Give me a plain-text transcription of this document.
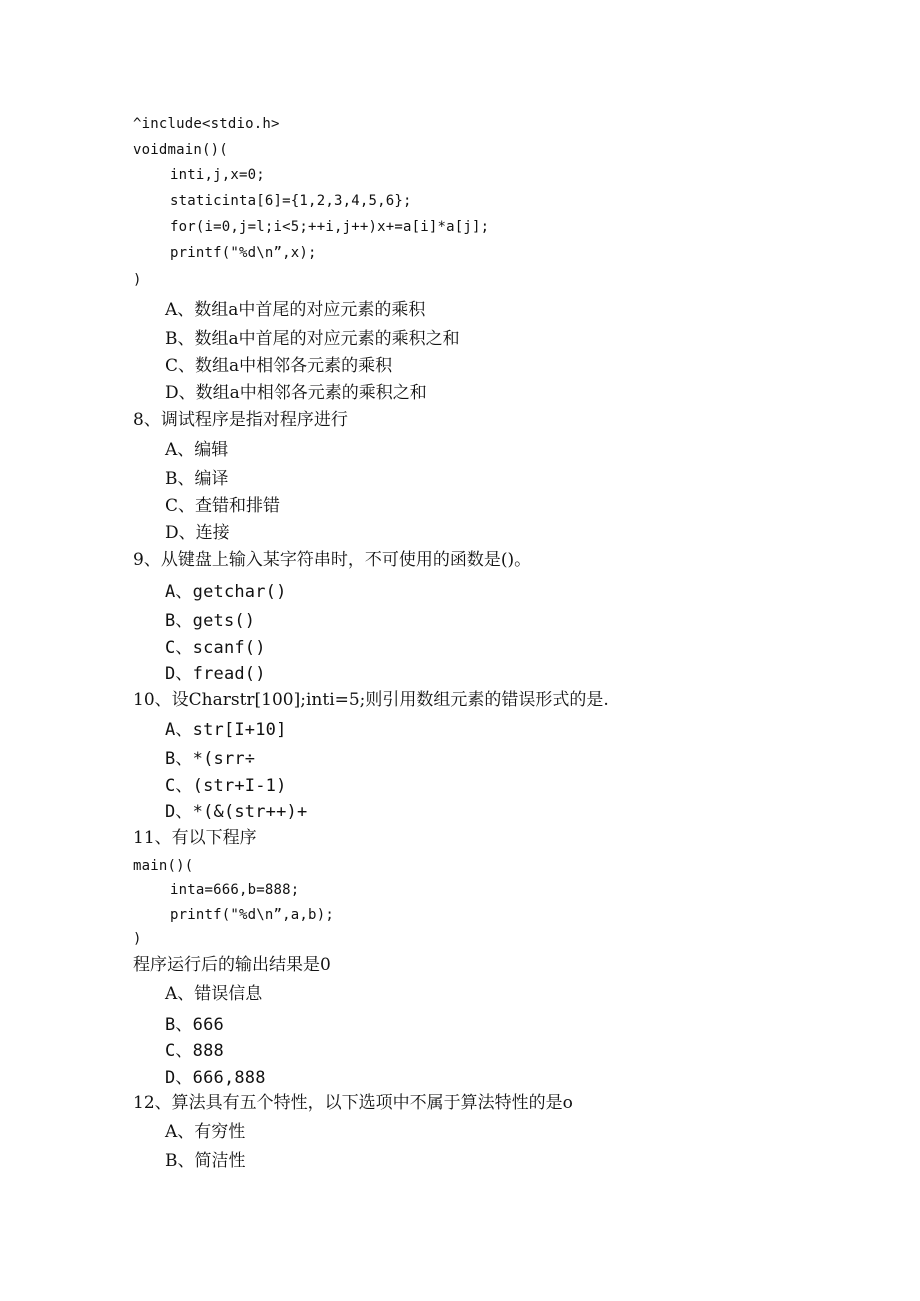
^include<stdio.h>
voidmain()(
inti,j,x=0;
staticinta[6]={1,2,3,4,5,6};
for(i=0,j=l;i<5;++i,j++)x+=a[i]*a[j];
printf("%d\n”,x);
)
A、数组a中首尾的对应元素的乘积
B、数组a中首尾的对应元素的乘积之和
C、数组a中相邻各元素的乘积
D、数组a中相邻各元素的乘积之和
8、调试程序是指对程序进行
A、编辑
B、编译
C、查错和排错
D、连接
9、从键盘上输入某字符串时，不可使用的函数是()。
A、getchar()
B、gets()
C、scanf()
D、fread()
10、设Charstr[100];inti=5;则引用数组元素的错误形式的是.
A、str[I+10]
B、*(srr÷
C、(str+I-1)
D、*(&(str++)+
11、有以下程序
main()(
inta=666,b=888;
printf("%d\n”,a,b);
)
程序运行后的输出结果是0
A、错误信息
B、666
C、888
D、666,888
12、算法具有五个特性，以下选项中不属于算法特性的是o
A、有穷性
B、简洁性
